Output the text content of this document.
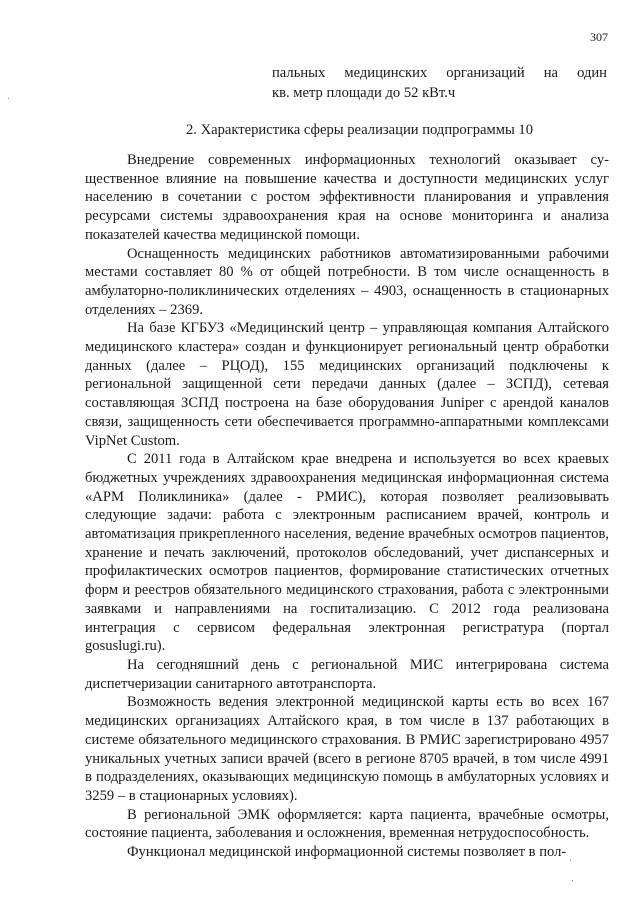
307
пальных медицинских организаций на один
кв. метр площади до 52 кВт.ч
2. Характеристика сферы реализации подпрограммы 10

Внедрение современных информационных технологий оказывает существенное влияние на повышение качества и доступности медицинских услуг населению в сочетании с ростом эффективности планирования и управления ресурсами системы здравоохранения края на основе мониторинга и анализа показателей качества медицинской помощи.

Оснащенность медицинских работников автоматизированными рабочими местами составляет 80 % от общей потребности. В том числе оснащенность в амбулаторно-поликлинических отделениях – 4903, оснащенность в стационарных отделениях – 2369.

На базе КГБУЗ «Медицинский центр – управляющая компания Алтайского медицинского кластера» создан и функционирует региональный центр обработки данных (далее – РЦОД), 155 медицинских организаций подключены к региональной защищенной сети передачи данных (далее – ЗСПД), сетевая составляющая ЗСПД построена на базе оборудования Juniper с арендой каналов связи, защищенность сети обеспечивается программно-аппаратными комплексами VipNet Custom.

С 2011 года в Алтайском крае внедрена и используется во всех краевых бюджетных учреждениях здравоохранения медицинская информационная система «АРМ Поликлиника» (далее - РМИС), которая позволяет реализовывать следующие задачи: работа с электронным расписанием врачей, контроль и автоматизация прикрепленного населения, ведение врачебных осмотров пациентов, хранение и печать заключений, протоколов обследований, учет диспансерных и профилактических осмотров пациентов, формирование статистических отчетных форм и реестров обязательного медицинского страхования, работа с электронными заявками и направлениями на госпитализацию. С 2012 года реализована интеграция с сервисом федеральная электронная регистратура (портал gosuslugi.ru).

На сегодняшний день с региональной МИС интегрирована система диспетчеризации санитарного автотранспорта.

Возможность ведения электронной медицинской карты есть во всех 167 медицинских организациях Алтайского края, в том числе в 137 работающих в системе обязательного медицинского страхования. В РМИС зарегистрировано 4957 уникальных учетных записи врачей (всего в регионе 8705 врачей, в том числе 4991 в подразделениях, оказывающих медицинскую помощь в амбулаторных условиях и 3259 – в стационарных условиях).

В региональной ЭМК оформляется: карта пациента, врачебные осмотры, состояние пациента, заболевания и осложнения, временная нетрудоспособность.

Функционал медицинской информационной системы позволяет в пол-
